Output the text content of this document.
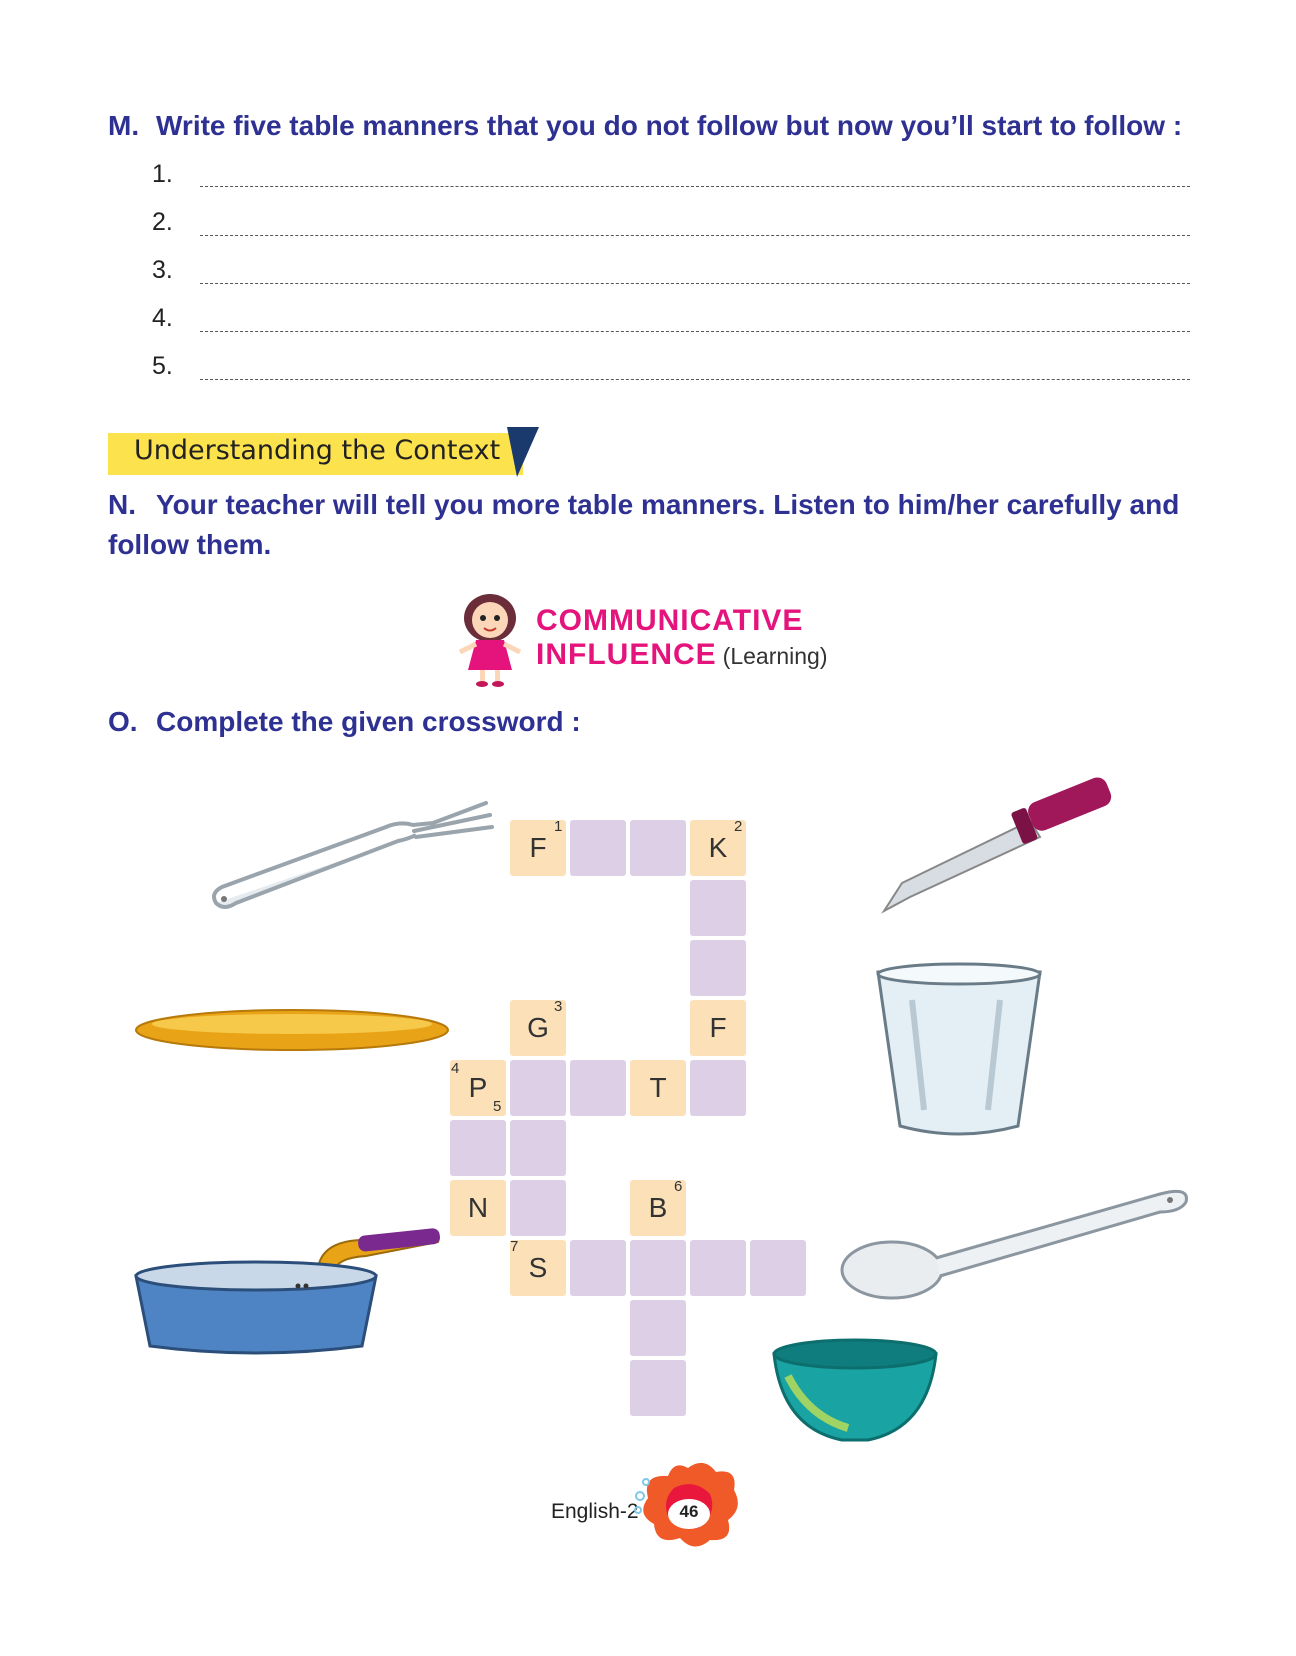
M. Write five table manners that you do not follow but now you’ll start to follow :
1.
2.
3.
4.
5.
Understanding the Context
N. Your teacher will tell you more table manners. Listen to him/her carefully and follow them.
COMMUNICATIVE
INFLUENCE (Learning)
O. Complete the given crossword :
F	K
F
G
P	T
N	B
S
1	2
3
4
5
6
7
English-2	46
